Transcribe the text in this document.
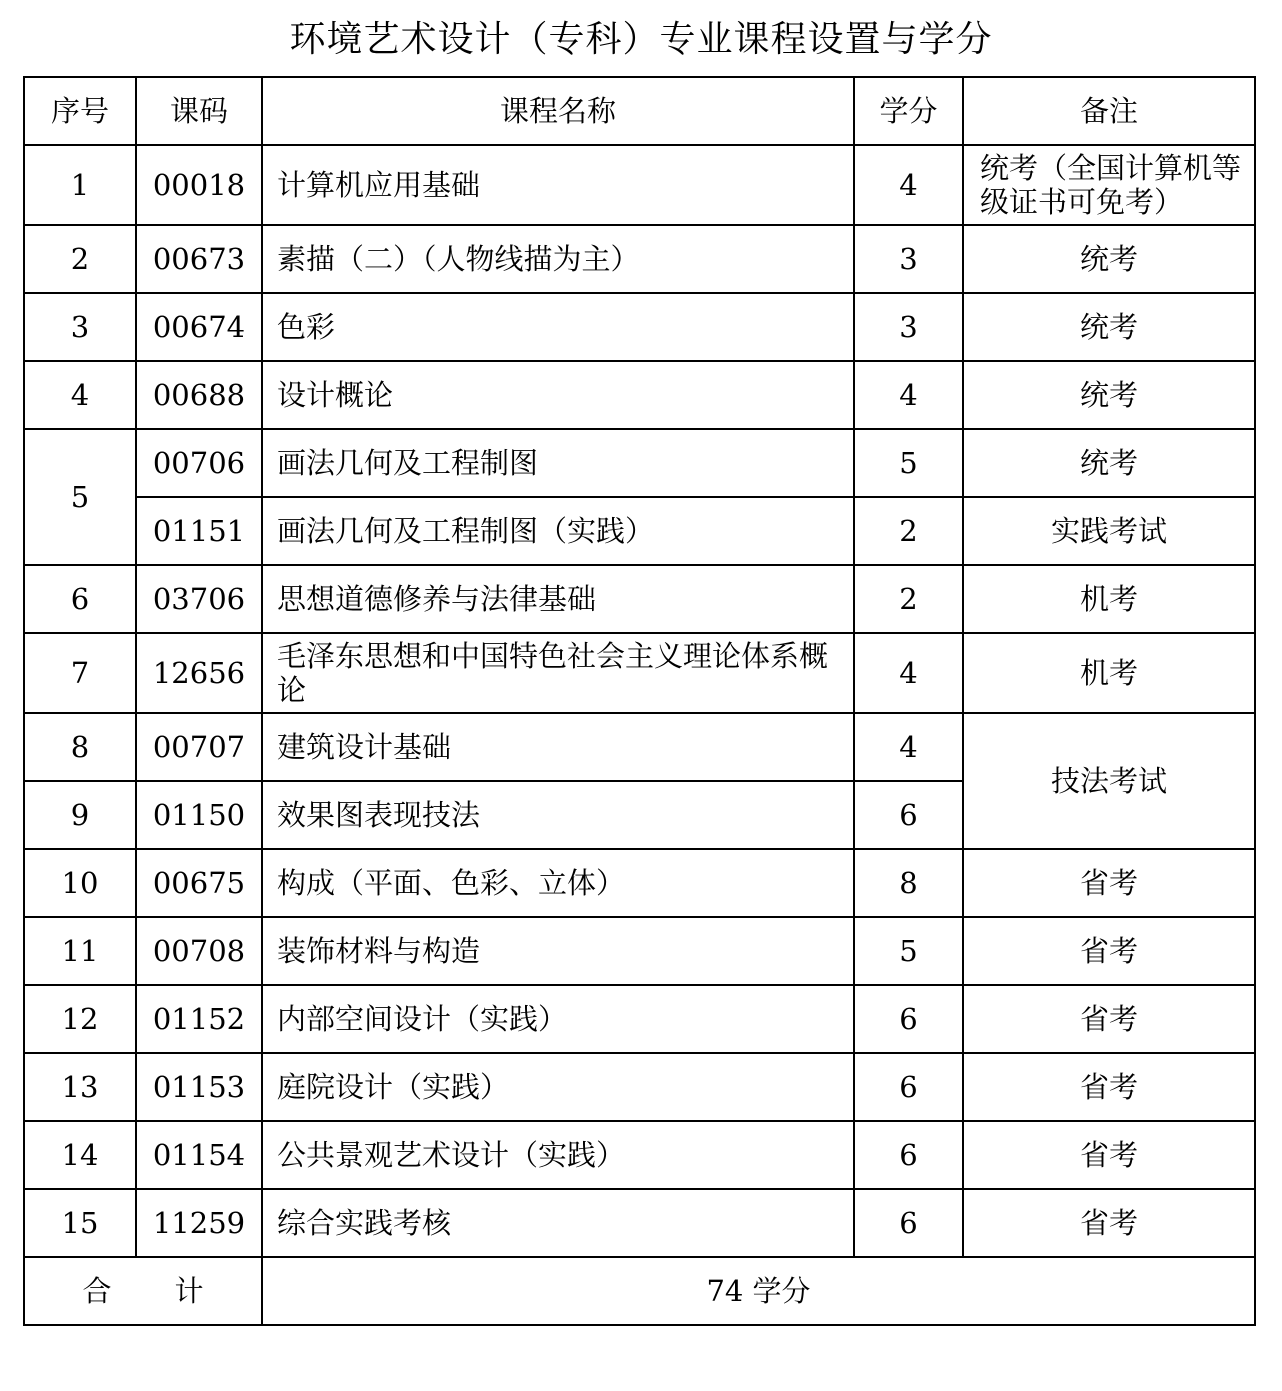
环境艺术设计（专科）专业课程设置与学分
序号	课码	课程名称	学分	备注
1	00018	计算机应用基础	4	统考（全国计算机等级证书可免考）
2	00673	素描（二）（人物线描为主）	3	统考
3	00674	色彩	3	统考
4	00688	设计概论	4	统考
5	00706	画法几何及工程制图	5	统考
	01151	画法几何及工程制图（实践）	2	实践考试
6	03706	思想道德修养与法律基础	2	机考
7	12656	毛泽东思想和中国特色社会主义理论体系概论	4	机考
8	00707	建筑设计基础	4	技法考试
9	01150	效果图表现技法	6	
10	00675	构成（平面、色彩、立体）	8	省考
11	00708	装饰材料与构造	5	省考
12	01152	内部空间设计（实践）	6	省考
13	01153	庭院设计（实践）	6	省考
14	01154	公共景观艺术设计（实践）	6	省考
15	11259	综合实践考核	6	省考
合 计		74 学分		
